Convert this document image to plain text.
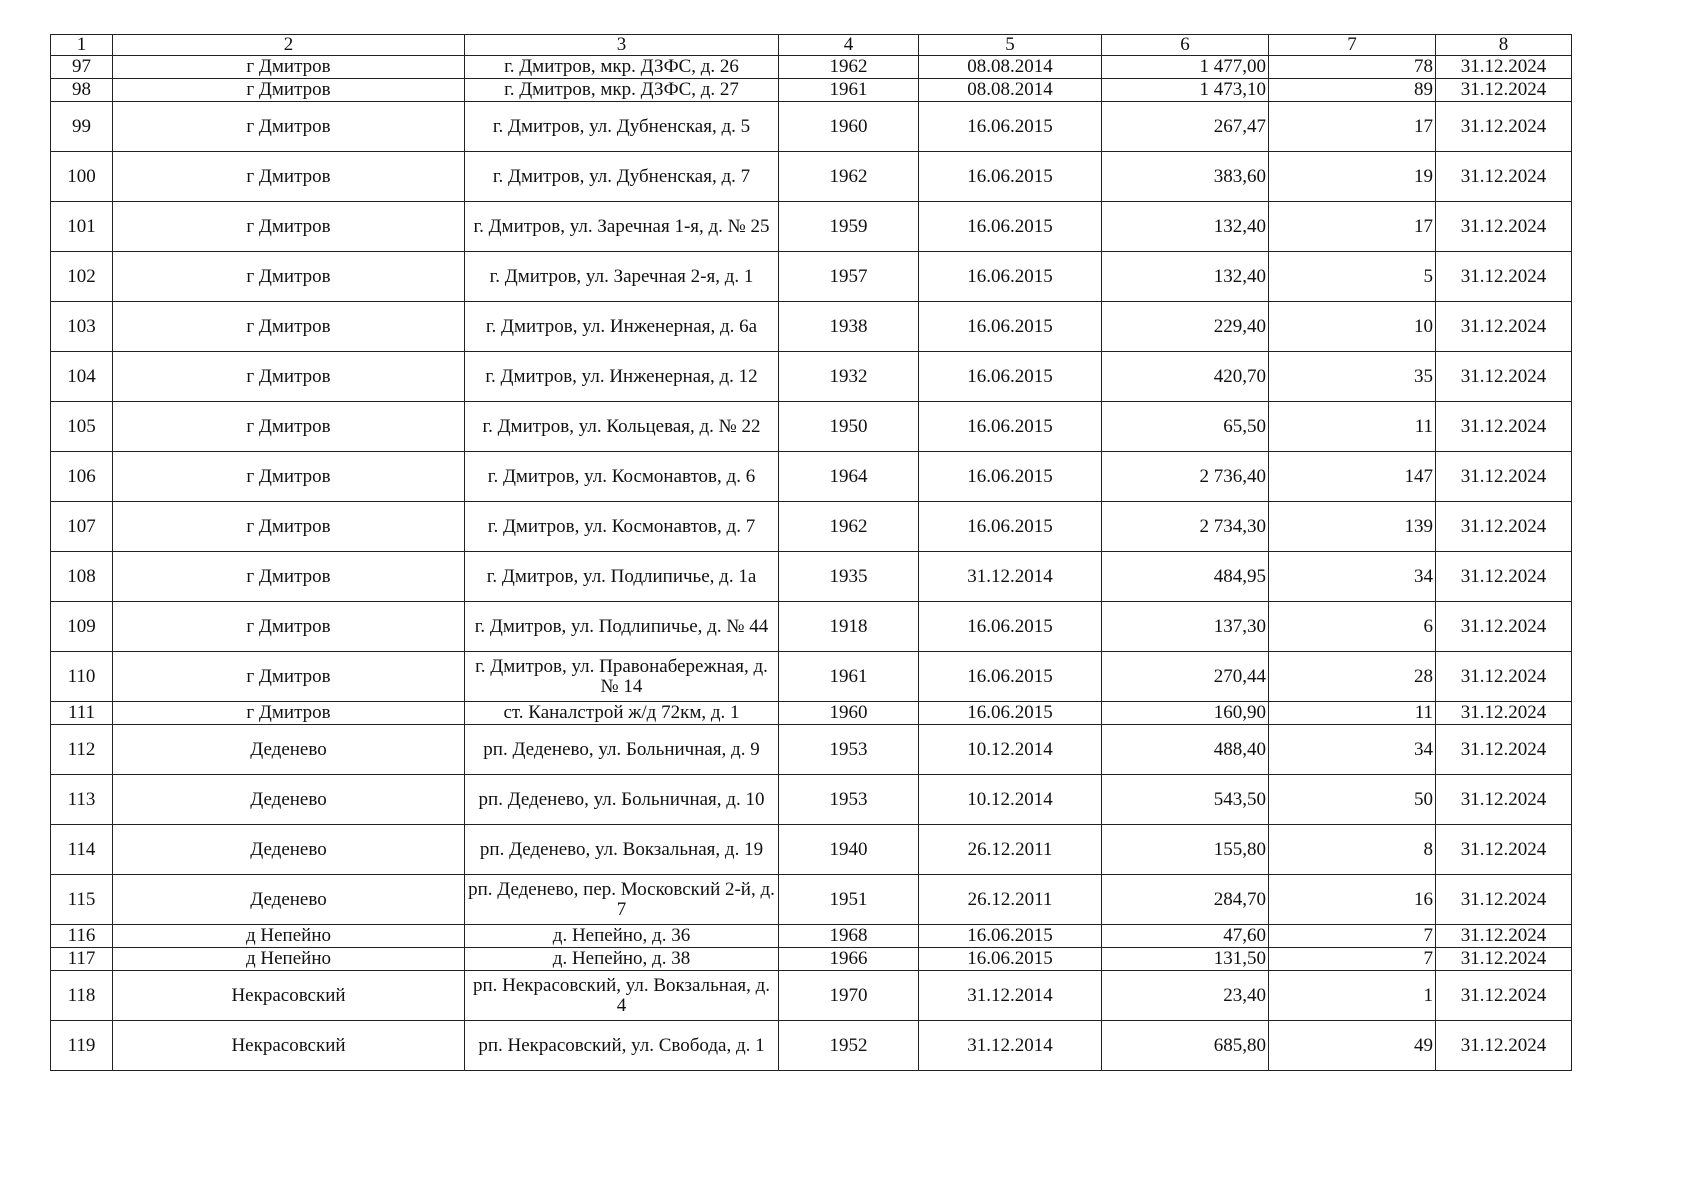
1	2	3	4	5	6	7	8
97	г Дмитров	г. Дмитров, мкр. ДЗФС, д. 26	1962	08.08.2014	1 477,00	78	31.12.2024
98	г Дмитров	г. Дмитров, мкр. ДЗФС, д. 27	1961	08.08.2014	1 473,10	89	31.12.2024
99	г Дмитров	г. Дмитров, ул. Дубненская, д. 5	1960	16.06.2015	267,47	17	31.12.2024
100	г Дмитров	г. Дмитров, ул. Дубненская, д. 7	1962	16.06.2015	383,60	19	31.12.2024
101	г Дмитров	г. Дмитров, ул. Заречная 1-я, д. № 25	1959	16.06.2015	132,40	17	31.12.2024
102	г Дмитров	г. Дмитров, ул. Заречная 2-я, д. 1	1957	16.06.2015	132,40	5	31.12.2024
103	г Дмитров	г. Дмитров, ул. Инженерная, д. 6а	1938	16.06.2015	229,40	10	31.12.2024
104	г Дмитров	г. Дмитров, ул. Инженерная, д. 12	1932	16.06.2015	420,70	35	31.12.2024
105	г Дмитров	г. Дмитров, ул. Кольцевая, д. № 22	1950	16.06.2015	65,50	11	31.12.2024
106	г Дмитров	г. Дмитров, ул. Космонавтов, д. 6	1964	16.06.2015	2 736,40	147	31.12.2024
107	г Дмитров	г. Дмитров, ул. Космонавтов, д. 7	1962	16.06.2015	2 734,30	139	31.12.2024
108	г Дмитров	г. Дмитров, ул. Подлипичье, д. 1а	1935	31.12.2014	484,95	34	31.12.2024
109	г Дмитров	г. Дмитров, ул. Подлипичье, д. № 44	1918	16.06.2015	137,30	6	31.12.2024
110	г Дмитров	г. Дмитров, ул. Правонабережная, д. № 14	1961	16.06.2015	270,44	28	31.12.2024
111	г Дмитров	ст. Каналстрой ж/д 72км, д. 1	1960	16.06.2015	160,90	11	31.12.2024
112	Деденево	рп. Деденево, ул. Больничная, д. 9	1953	10.12.2014	488,40	34	31.12.2024
113	Деденево	рп. Деденево, ул. Больничная, д. 10	1953	10.12.2014	543,50	50	31.12.2024
114	Деденево	рп. Деденево, ул. Вокзальная, д. 19	1940	26.12.2011	155,80	8	31.12.2024
115	Деденево	рп. Деденево, пер. Московский 2-й, д. 7	1951	26.12.2011	284,70	16	31.12.2024
116	д Непейно	д. Непейно, д. 36	1968	16.06.2015	47,60	7	31.12.2024
117	д Непейно	д. Непейно, д. 38	1966	16.06.2015	131,50	7	31.12.2024
118	Некрасовский	рп. Некрасовский, ул. Вокзальная, д. 4	1970	31.12.2014	23,40	1	31.12.2024
119	Некрасовский	рп. Некрасовский, ул. Свобода, д. 1	1952	31.12.2014	685,80	49	31.12.2024
